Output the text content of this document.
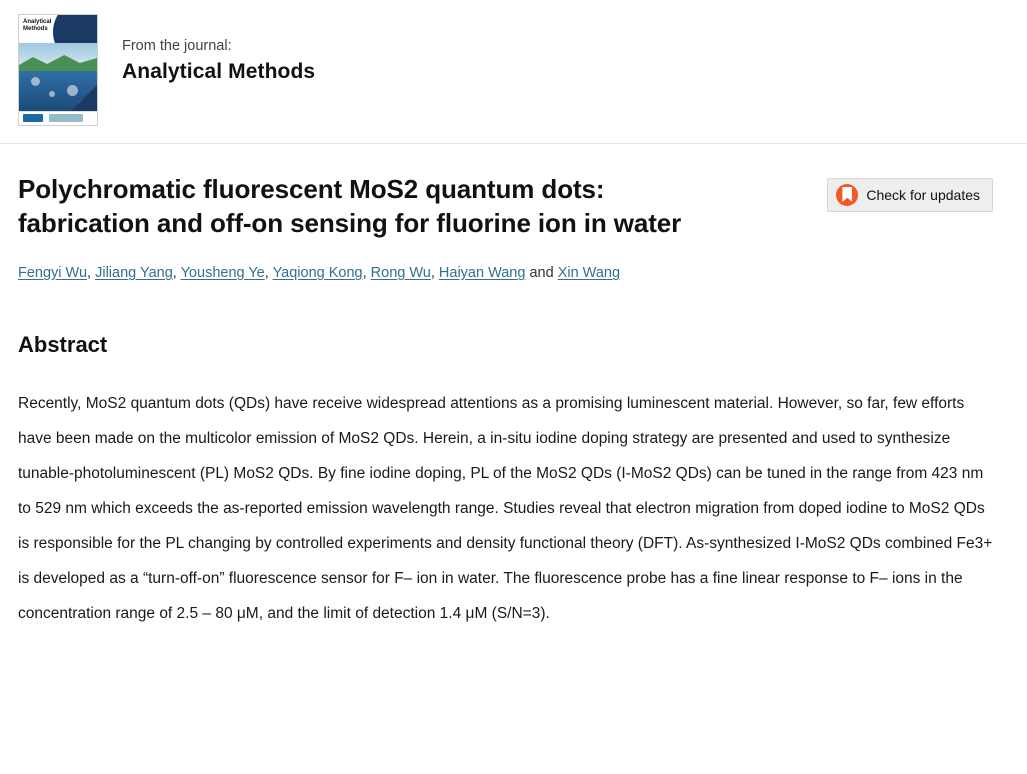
Analytical Methods
From the journal:
Analytical Methods
Polychromatic fluorescent MoS2 quantum dots: fabrication and off-on sensing for fluorine ion in water
Check for updates
Fengyi Wu, Jiliang Yang, Yousheng Ye, Yaqiong Kong, Rong Wu, Haiyan Wang and Xin Wang
Abstract

Recently, MoS2 quantum dots (QDs) have receive widespread attentions as a promising luminescent material. However, so far, few efforts have been made on the multicolor emission of MoS2 QDs. Herein, a in-situ iodine doping strategy are presented and used to synthesize tunable-photoluminescent (PL) MoS2 QDs. By fine iodine doping, PL of the MoS2 QDs (I-MoS2 QDs) can be tuned in the range from 423 nm to 529 nm which exceeds the as-reported emission wavelength range. Studies reveal that electron migration from doped iodine to MoS2 QDs is responsible for the PL changing by controlled experiments and density functional theory (DFT). As-synthesized I-MoS2 QDs combined Fe3+ is developed as a “turn-off-on” fluorescence sensor for F– ion in water. The fluorescence probe has a fine linear response to F– ions in the concentration range of 2.5 – 80 μM, and the limit of detection 1.4 μM (S/N=3).
